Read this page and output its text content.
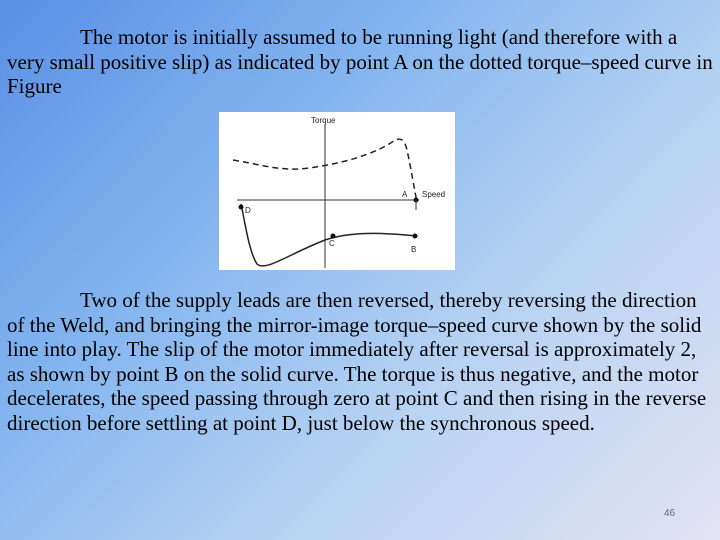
The motor is initially assumed to be running light (and therefore with a very small positive slip) as indicated by point A on the dotted torque–speed curve in Figure

Torque
Speed
A
B
C
D

Two of the supply leads are then reversed, thereby reversing the direction of the Weld, and bringing the mirror-image torque–speed curve shown by the solid line into play. The slip of the motor immediately after reversal is approximately 2, as shown by point B on the solid curve. The torque is thus negative, and the motor decelerates, the speed passing through zero at point C and then rising in the reverse direction before settling at point D, just below the synchronous speed.

46
